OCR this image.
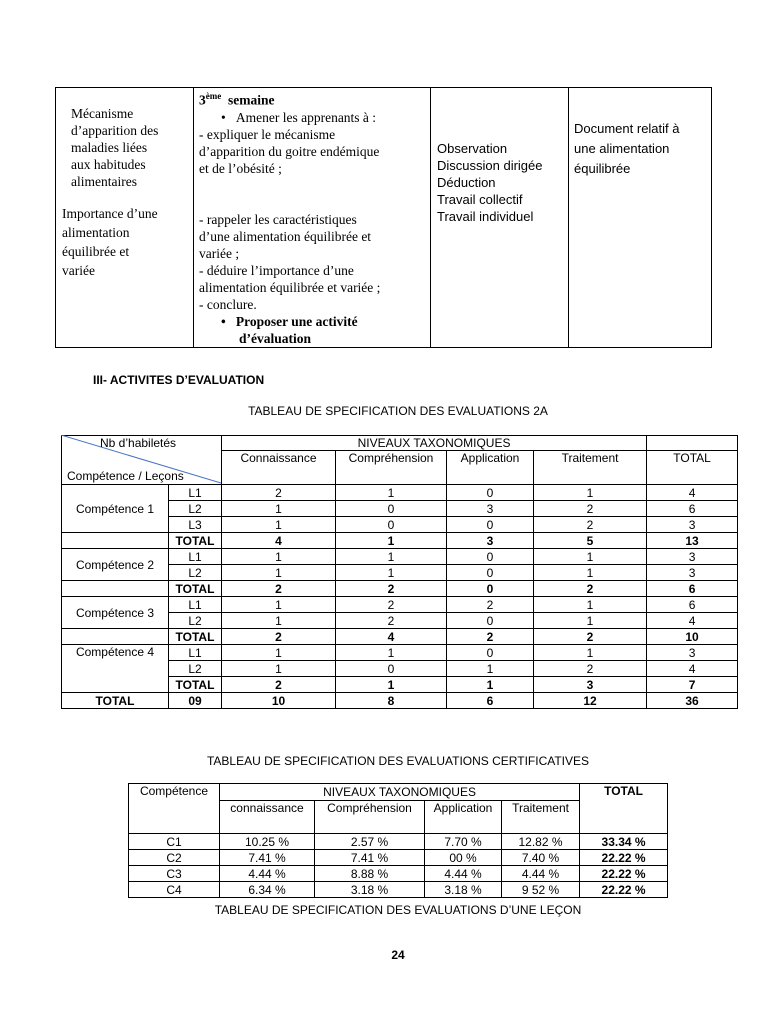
Mécanisme
d’apparition des
maladies liées
aux habitudes
alimentaires
Importance d’une
alimentation
équilibrée et
variée

3ème semaine
• Amener les apprenants à :
- expliquer le mécanisme
d’apparition du goitre endémique
et de l’obésité ;
- rappeler les caractéristiques
d’une alimentation équilibrée et
variée ;
- déduire l’importance d’une
alimentation équilibrée et variée ;
- conclure.
• Proposer une activité
d’évaluation

Observation
Discussion dirigée
Déduction
Travail collectif
Travail individuel

Document relatif à
une alimentation
équilibrée
III- ACTIVITES D’EVALUATION
TABLEAU DE SPECIFICATION DES EVALUATIONS 2A
Nb d’habiletés
Compétence / Leçons		NIVEAUX TAXONOMIQUES				
		Connaissance	Compréhension	Application	Traitement	TOTAL
Compétence 1	L1	2	1	0	1	4
	L2	1	0	3	2	6
	L3	1	0	0	2	3
	TOTAL	4	1	3	5	13
Compétence 2	L1	1	1	0	1	3
	L2	1	1	0	1	3
	TOTAL	2	2	0	2	6
Compétence 3	L1	1	2	2	1	6
	L2	1	2	0	1	4
	TOTAL	2	4	2	2	10
Compétence 4	L1	1	1	0	1	3
	L2	1	0	1	2	4
	TOTAL	2	1	1	3	7
TOTAL	09	10	8	6	12	36
TABLEAU DE SPECIFICATION DES EVALUATIONS CERTIFICATIVES
Compétence	NIVEAUX TAXONOMIQUES				TOTAL
	connaissance	Compréhension	Application	Traitement	
C1	10.25 %	2.57 %	7.70 %	12.82 %	33.34 %
C2	7.41 %	7.41 %	00 %	7.40 %	22.22 %
C3	4.44 %	8.88 %	4.44 %	4.44 %	22.22 %
C4	6.34 %	3.18 %	3.18 %	9 52 %	22.22 %
TABLEAU DE SPECIFICATION DES EVALUATIONS D’UNE LEÇON
24
